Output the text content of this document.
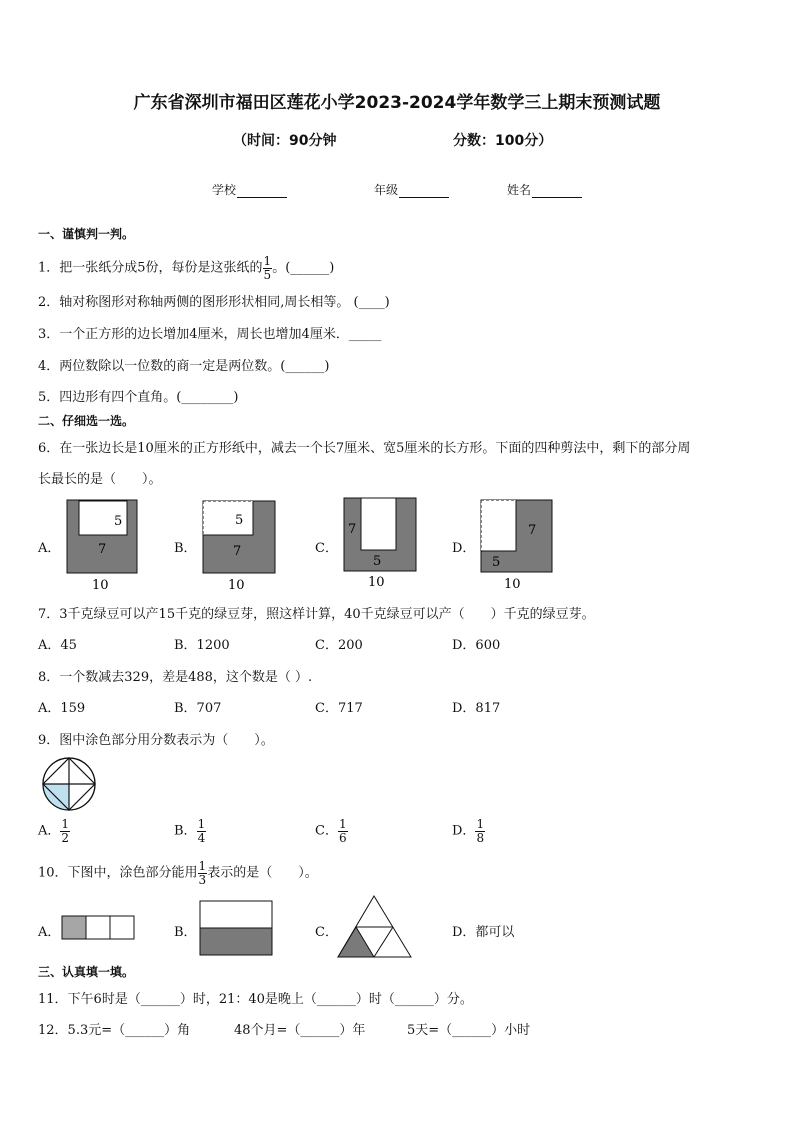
广东省深圳市福田区莲花小学2023-2024学年数学三上期末预测试题
（时间：90分钟	分数：100分）
学校	年级	姓名
一、谨慎判一判。
1．把一张纸分成5份，每份是这张纸的 $\frac{1}{5}$ 。(______)
2．轴对称图形对称轴两侧的图形形状相同,周长相等。 (____)
3．一个正方形的边长增加4厘米，周长也增加4厘米．_____
4．两位数除以一位数的商一定是两位数。(______)
5．四边形有四个直角。(________)
二、仔细选一选。
6．在一张边长是10厘米的正方形纸中，减去一个长7厘米、宽5厘米的长方形。下面的四种剪法中，剩下的部分周
长最长的是（　　）。
A．
5
7
10
B．
5
7
10
C．
7
5
10
D．
7
5
10
7．3千克绿豆可以产15千克的绿豆芽，照这样计算，40千克绿豆可以产（　　）千克的绿豆芽。
A．45	B．1200	C．200	D．600
8．一个数减去329，差是488，这个数是（ ）.
A．159	B．707	C．717	D．817
9．图中涂色部分用分数表示为（　　）。
A． $\frac{1}{2}$	B． $\frac{1}{4}$	C． $\frac{1}{6}$	D． $\frac{1}{8}$
10．下图中，涂色部分能用 $\frac{1}{3}$ 表示的是（　　）。
A．	B．	C．	D．都可以
三、认真填一填。
11．下午6时是（______）时，21：40是晚上（______）时（______）分。
12．5.3元=（______）角	48个月=（______）年	5天=（______）小时
